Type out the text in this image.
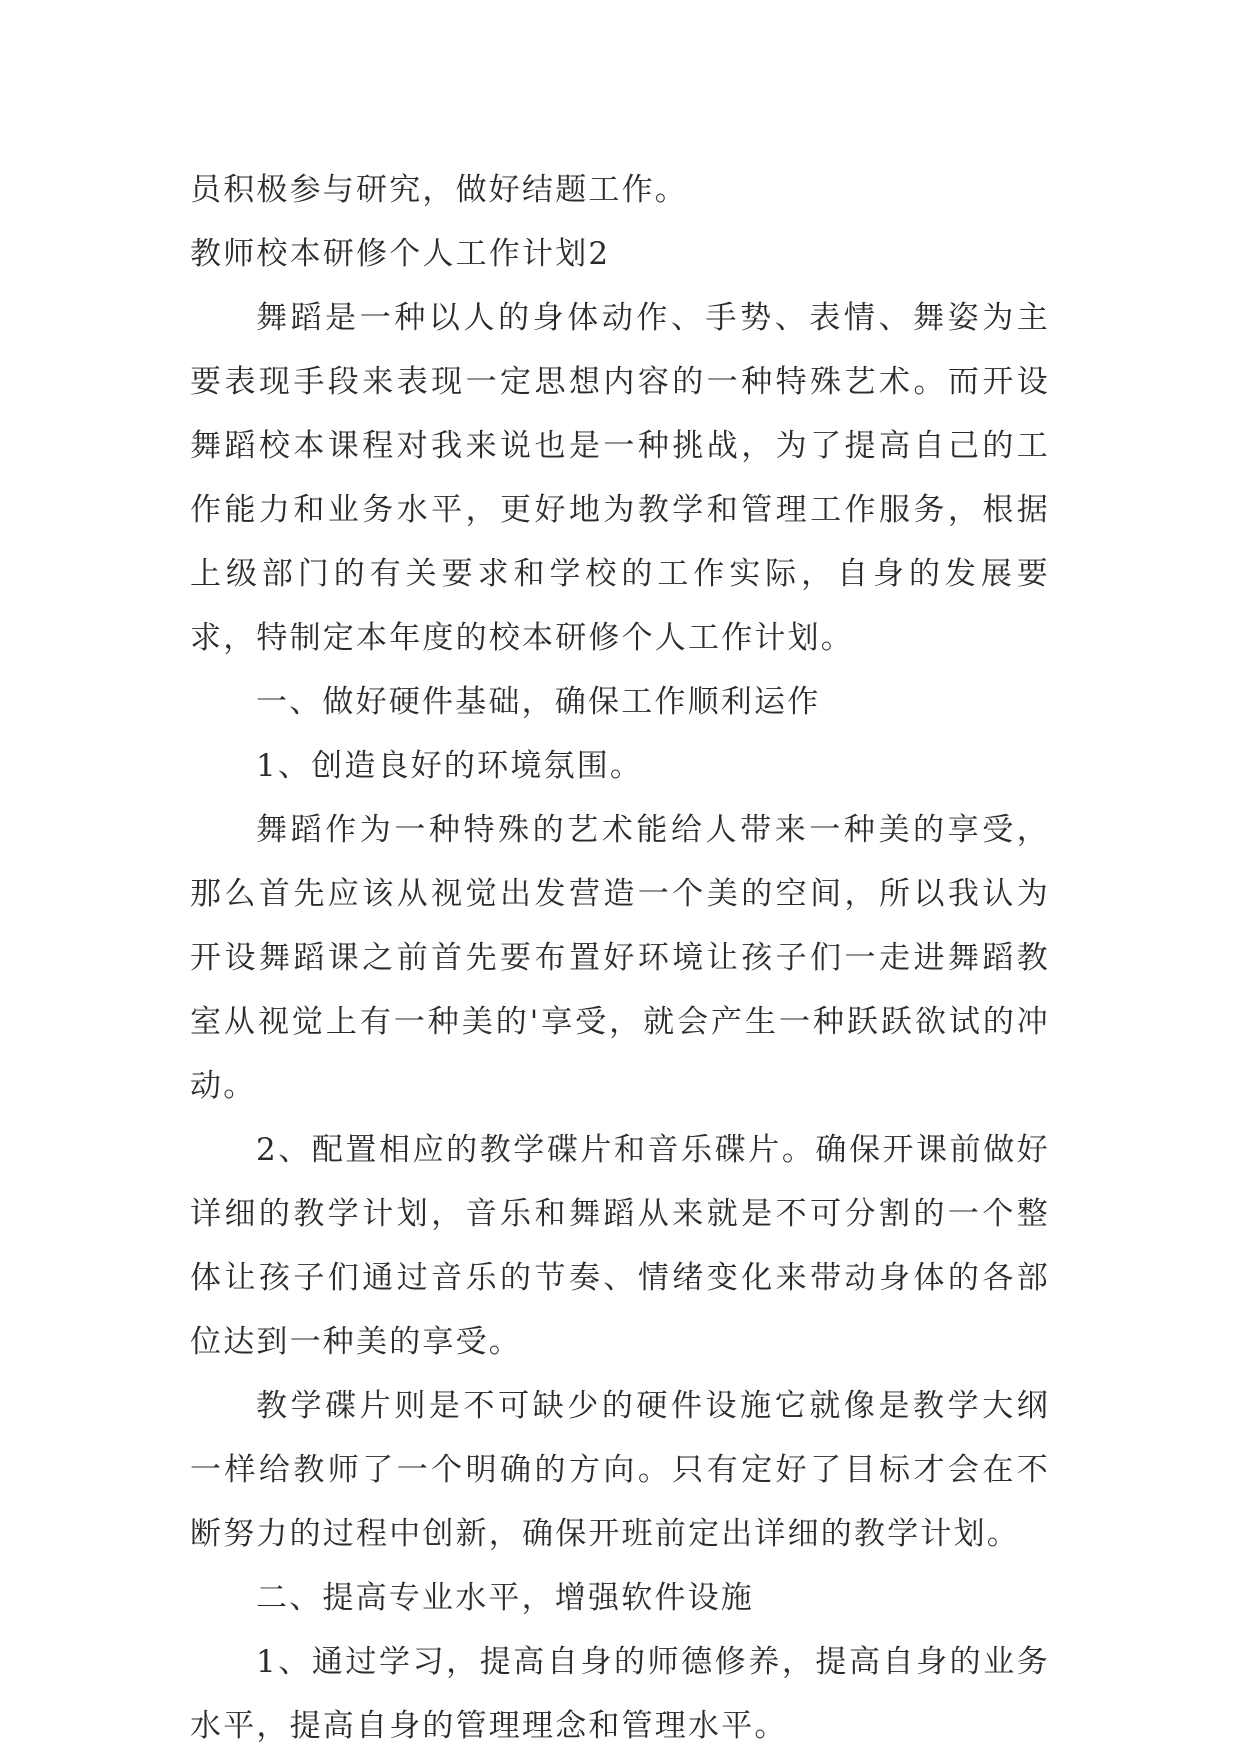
员积极参与研究，做好结题工作。

教师校本研修个人工作计划2

舞蹈是一种以人的身体动作、手势、表情、舞姿为主要表现手段来表现一定思想内容的一种特殊艺术。而开设舞蹈校本课程对我来说也是一种挑战，为了提高自己的工作能力和业务水平，更好地为教学和管理工作服务，根据上级部门的有关要求和学校的工作实际，自身的发展要求，特制定本年度的校本研修个人工作计划。

一、做好硬件基础，确保工作顺利运作

1、创造良好的环境氛围。

舞蹈作为一种特殊的艺术能给人带来一种美的享受，那么首先应该从视觉出发营造一个美的空间，所以我认为开设舞蹈课之前首先要布置好环境让孩子们一走进舞蹈教室从视觉上有一种美的'享受，就会产生一种跃跃欲试的冲动。

2、配置相应的教学碟片和音乐碟片。确保开课前做好详细的教学计划，音乐和舞蹈从来就是不可分割的一个整体让孩子们通过音乐的节奏、情绪变化来带动身体的各部位达到一种美的享受。

教学碟片则是不可缺少的硬件设施它就像是教学大纲一样给教师了一个明确的方向。只有定好了目标才会在不断努力的过程中创新，确保开班前定出详细的教学计划。

二、提高专业水平，增强软件设施

1、通过学习，提高自身的师德修养，提高自身的业务水平，提高自身的管理理念和管理水平。
